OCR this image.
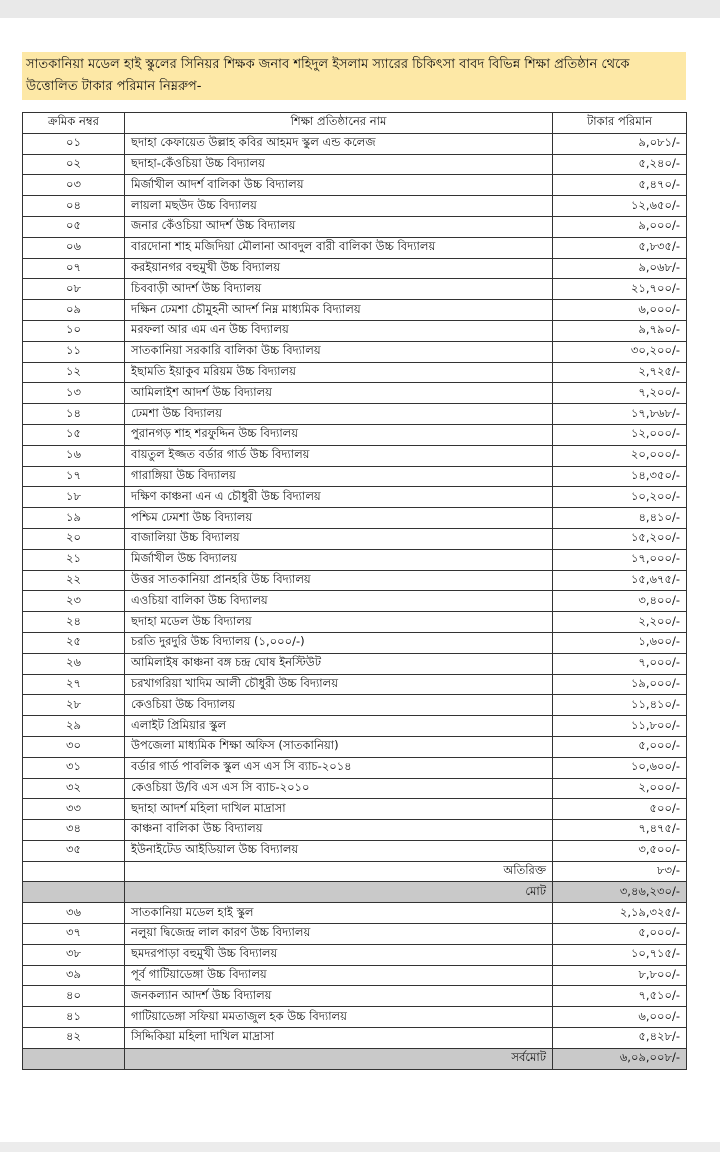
সাতকানিয়া মডেল হাই স্কুলের সিনিয়র শিক্ষক জনাব শহিদুল ইসলাম স্যারের চিকিৎসা বাবদ বিভিন্ন শিক্ষা প্রতিষ্ঠান থেকে উত্তোলিত টাকার পরিমান নিম্নরুপ-
ক্রমিক নম্বর	শিক্ষা প্রতিষ্ঠানের নাম	টাকার পরিমান
০১	ছদাহা কেফায়েত উল্লাহ কবির আহমদ স্কুল এন্ড কলেজ	৯,০৮১/-
০২	ছদাহা-কেঁওচিয়া উচ্চ বিদ্যালয়	৫,২৪০/-
০৩	মির্জাখীল আদর্শ বালিকা উচ্চ বিদ্যালয়	৫,৪৭০/-
০৪	লায়লা মছউদ উচ্চ বিদ্যালয়	১২,৬৫০/-
০৫	জনার কেঁওচিয়া আদর্শ উচ্চ বিদ্যালয়	৯,০০০/-
০৬	বারদোনা শাহ মজিদিয়া মৌলানা আবদুল বারী বালিকা উচ্চ বিদ্যালয়	৫,৮৩৫/-
০৭	করইয়ানগর বহুমুখী উচ্চ বিদ্যালয়	৯,০৬৮/-
০৮	চিববাড়ী আদর্শ উচ্চ বিদ্যালয়	২১,৭০০/-
০৯	দক্ষিন ঢেমশা চৌমুহনী আদর্শ নিম্ন মাধ্যমিক বিদ্যালয়	৬,০০০/-
১০	মরফলা আর এম এন উচ্চ বিদ্যালয়	৯,৭৯০/-
১১	সাতকানিয়া সরকারি বালিকা উচ্চ বিদ্যালয়	৩০,২০০/-
১২	ইছামতি ইয়াকুব মরিয়ম উচ্চ বিদ্যালয়	২,৭২৫/-
১৩	আমিলাইশ আদর্শ উচ্চ বিদ্যালয়	৭,২০০/-
১৪	ঢেমশা উচ্চ বিদ্যালয়	১৭,৮৬৮/-
১৫	পুরানগড় শাহ শরফুদ্দিন উচ্চ বিদ্যালয়	১২,০০০/-
১৬	বায়তুল ইজ্জত বর্ডার গার্ড উচ্চ বিদ্যালয়	২০,০০০/-
১৭	গারাঙ্গিয়া উচ্চ বিদ্যালয়	১৪,৩৫০/-
১৮	দক্ষিণ কাঞ্চনা এন এ চৌধুরী উচ্চ বিদ্যালয়	১০,২০০/-
১৯	পশ্চিম ঢেমশা উচ্চ বিদ্যালয়	৪,৪১০/-
২০	বাজালিয়া উচ্চ বিদ্যালয়	১৫,২০০/-
২১	মির্জাখীল উচ্চ বিদ্যালয়	১৭,০০০/-
২২	উত্তর সাতকানিয়া প্রানহরি উচ্চ বিদ্যালয়	১৫,৬৭৫/-
২৩	এওচিয়া বালিকা উচ্চ বিদ্যালয়	৩,৪০০/-
২৪	ছদাহা মডেল উচ্চ বিদ্যালয়	২,২০০/-
২৫	চরতি দুরদুরি উচ্চ বিদ্যালয় (১,০০০/-)	১,৬০০/-
২৬	আমিলাইষ কাঞ্চনা বঙ্গ চন্দ্র ঘোষ ইনস্টিউট	৭,০০০/-
২৭	চরখাগরিয়া খাদিম আলী চৌধুরী উচ্চ বিদ্যালয়	১৯,০০০/-
২৮	কেওচিয়া উচ্চ বিদ্যালয়	১১,৪১০/-
২৯	এলাইট প্রিমিয়ার স্কুল	১১,৮০০/-
৩০	উপজেলা মাধ্যমিক শিক্ষা অফিস (সাতকানিয়া)	৫,০০০/-
৩১	বর্ডার গার্ড পাবলিক স্কুল এস এস সি ব্যাচ-২০১৪	১০,৬০০/-
৩২	কেওচিয়া উ/বি এস এস সি ব্যাচ-২০১০	২,০০০/-
৩৩	ছদাহা আদর্শ মহিলা দাখিল মাদ্রাসা	৫০০/-
৩৪	কাঞ্চনা বালিকা উচ্চ বিদ্যালয়	৭,৪৭৫/-
৩৫	ইউনাইটেড আইডিয়াল উচ্চ বিদ্যালয়	৩,৫০০/-
	অতিরিক্ত	৮৩/-
	মোট	৩,৪৬,২৩০/-
৩৬	সাতকানিয়া মডেল হাই স্কুল	২,১৯,৩২৫/-
৩৭	নলুয়া দ্বিজেন্দ্র লাল কারণ উচ্চ বিদ্যালয়	৫,০০০/-
৩৮	ছমদরপাড়া বহুমুখী উচ্চ বিদ্যালয়	১০,৭১৫/-
৩৯	পূর্ব গাটিয়াডেঙ্গা উচ্চ বিদ্যালয়	৮,৮০০/-
৪০	জনকল্যান আদর্শ উচ্চ বিদ্যালয়	৭,৫১০/-
৪১	গাটিয়াডেঙ্গা সফিয়া মমতাজুল হক উচ্চ বিদ্যালয়	৬,০০০/-
৪২	সিদ্দিকিয়া মহিলা দাখিল মাদ্রাসা	৫,৪২৮/-
	সর্বমোট	৬,০৯,০০৮/-
